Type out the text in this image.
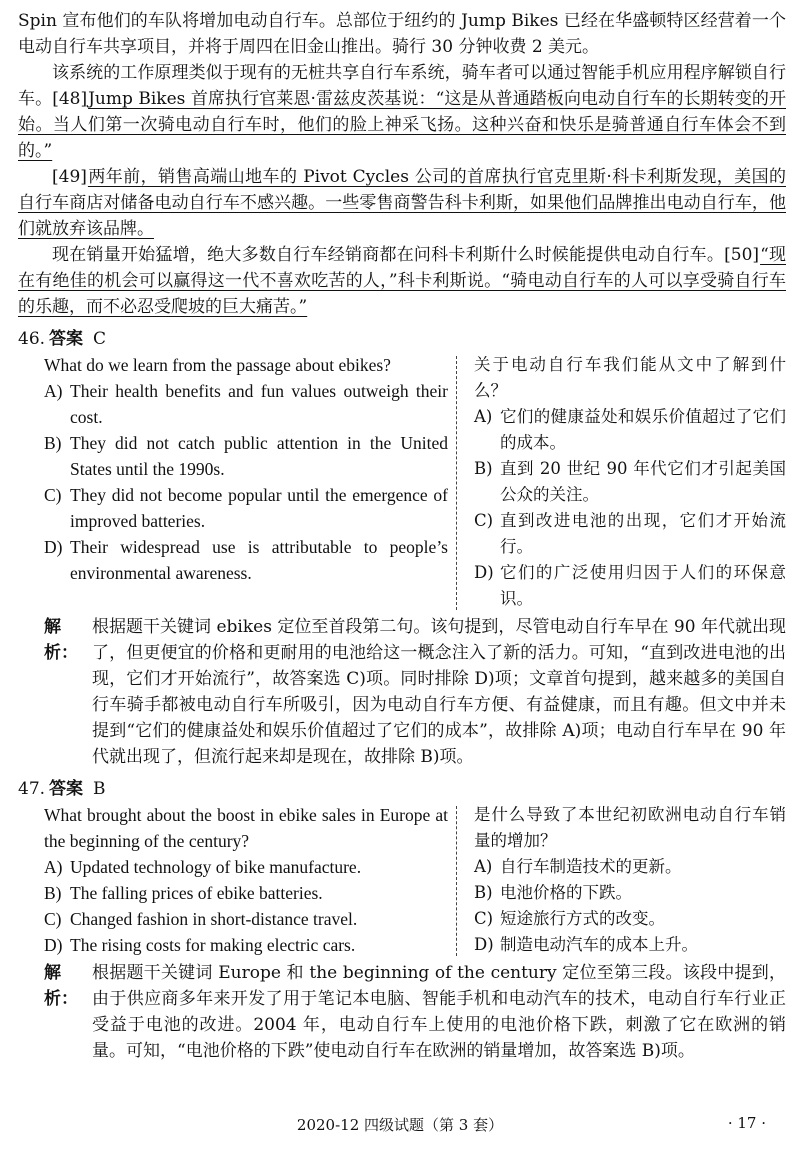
Spin 宣布他们的车队将增加电动自行车。总部位于纽约的 Jump Bikes 已经在华盛顿特区经营着一个电动自行车共享项目，并将于周四在旧金山推出。骑行 30 分钟收费 2 美元。

该系统的工作原理类似于现有的无桩共享自行车系统，骑车者可以通过智能手机应用程序解锁自行车。[48]Jump Bikes 首席执行官莱恩·雷兹皮茨基说：“这是从普通踏板向电动自行车的长期转变的开始。当人们第一次骑电动自行车时，他们的脸上神采飞扬。这种兴奋和快乐是骑普通自行车体会不到的。”

[49]两年前，销售高端山地车的 Pivot Cycles 公司的首席执行官克里斯·科卡利斯发现，美国的自行车商店对储备电动自行车不感兴趣。一些零售商警告科卡利斯，如果他们品牌推出电动自行车，他们就放弃该品牌。

现在销量开始猛增，绝大多数自行车经销商都在问科卡利斯什么时候能提供电动自行车。[50]“现在有绝佳的机会可以赢得这一代不喜欢吃苦的人，”科卡利斯说。“骑电动自行车的人可以享受骑自行车的乐趣，而不必忍受爬坡的巨大痛苦。”

46. 答案 C
What do we learn from the passage about ebikes?
A) Their health benefits and fun values outweigh their cost.
B) They did not catch public attention in the United States until the 1990s.
C) They did not become popular until the emergence of improved batteries.
D) Their widespread use is attributable to people’s environmental awareness.
关于电动自行车我们能从文中了解到什么？
A) 它们的健康益处和娱乐价值超过了它们的成本。
B) 直到 20 世纪 90 年代它们才引起美国公众的关注。
C) 直到改进电池的出现，它们才开始流行。
D) 它们的广泛使用归因于人们的环保意识。
解析：
根据题干关键词 ebikes 定位至首段第二句。该句提到，尽管电动自行车早在 90 年代就出现了，但更便宜的价格和更耐用的电池给这一概念注入了新的活力。可知，“直到改进电池的出现，它们才开始流行”，故答案选 C)项。同时排除 D)项；文章首句提到，越来越多的美国自行车骑手都被电动自行车所吸引，因为电动自行车方便、有益健康，而且有趣。但文中并未提到“它们的健康益处和娱乐价值超过了它们的成本”，故排除 A)项；电动自行车早在 90 年代就出现了，但流行起来却是现在，故排除 B)项。
47. 答案 B
What brought about the boost in ebike sales in Europe at the beginning of the century?
A) Updated technology of bike manufacture.
B) The falling prices of ebike batteries.
C) Changed fashion in short-distance travel.
D) The rising costs for making electric cars.
是什么导致了本世纪初欧洲电动自行车销量的增加？
A) 自行车制造技术的更新。
B) 电池价格的下跌。
C) 短途旅行方式的改变。
D) 制造电动汽车的成本上升。
解析：
根据题干关键词 Europe 和 the beginning of the century 定位至第三段。该段中提到，由于供应商多年来开发了用于笔记本电脑、智能手机和电动汽车的技术，电动自行车行业正受益于电池的改进。2004 年，电动自行车上使用的电池价格下跌，刺激了它在欧洲的销量。可知，“电池价格的下跌”使电动自行车在欧洲的销量增加，故答案选 B)项。
2020-12 四级试题（第 3 套）	· 17 ·
